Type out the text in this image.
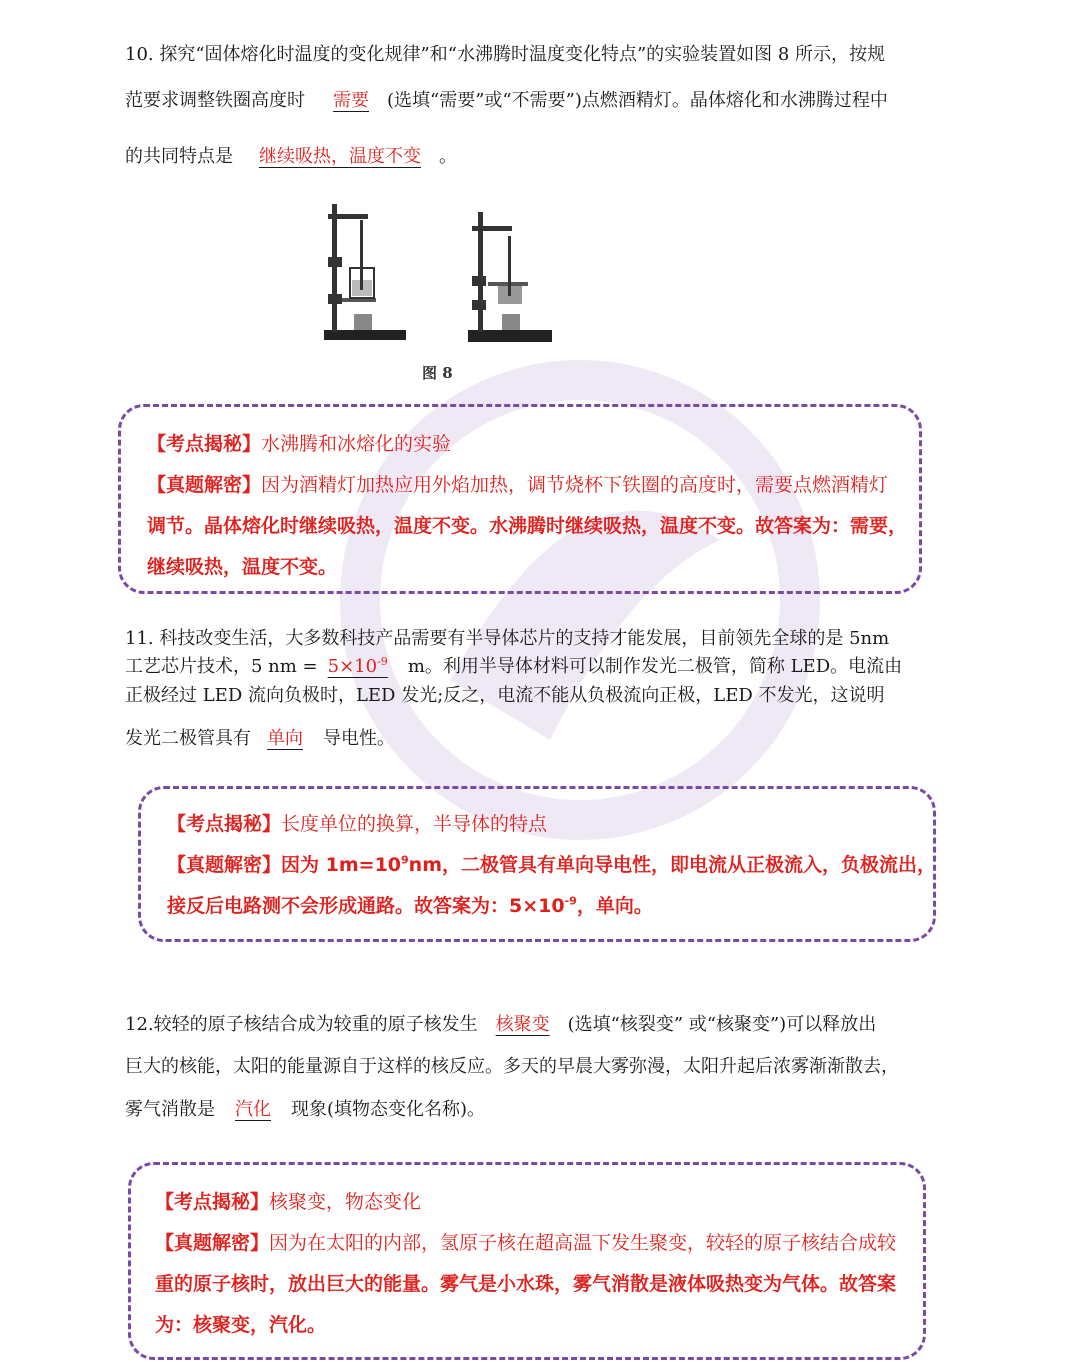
10. 探究“固体熔化时温度的变化规律”和“水沸腾时温度变化特点”的实验装置如图 8 所示，按规
范要求调整铁圈高度时 需要 (选填“需要”或“不需要”)点燃酒精灯。晶体熔化和水沸腾过程中
的共同特点是 继续吸热，温度不变 。
图 8
【考点揭秘】水沸腾和冰熔化的实验
【真题解密】因为酒精灯加热应用外焰加热，调节烧杯下铁圈的高度时，需要点燃酒精灯
调节。晶体熔化时继续吸热，温度不变。水沸腾时继续吸热，温度不变。故答案为：需要，
继续吸热，温度不变。
11. 科技改变生活，大多数科技产品需要有半导体芯片的支持才能发展，目前领先全球的是 5nm
工艺芯片技术，5 nm = $5\times 10^{-9}$ m。利用半导体材料可以制作发光二极管，简称 LED。电流由
正极经过 LED 流向负极时，LED 发光;反之，电流不能从负极流向正极，LED 不发光，这说明
发光二极管具有 单向 导电性。
【考点揭秘】长度单位的换算，半导体的特点
【真题解密】因为 $1m=10^9nm$，二极管具有单向导电性，即电流从正极流入，负极流出，
接反后电路测不会形成通路。故答案为：$5\times 10^{-9}$，单向。
12.较轻的原子核结合成为较重的原子核发生 核聚变 (选填“核裂变” 或“核聚变”)可以释放出
巨大的核能，太阳的能量源自于这样的核反应。多天的早晨大雾弥漫，太阳升起后浓雾渐渐散去，
雾气消散是 汽化 现象(填物态变化名称)。
【考点揭秘】核聚变，物态变化
【真题解密】因为在太阳的内部，氢原子核在超高温下发生聚变，较轻的原子核结合成较
重的原子核时，放出巨大的能量。雾气是小水珠，雾气消散是液体吸热变为气体。故答案
为：核聚变，汽化。
